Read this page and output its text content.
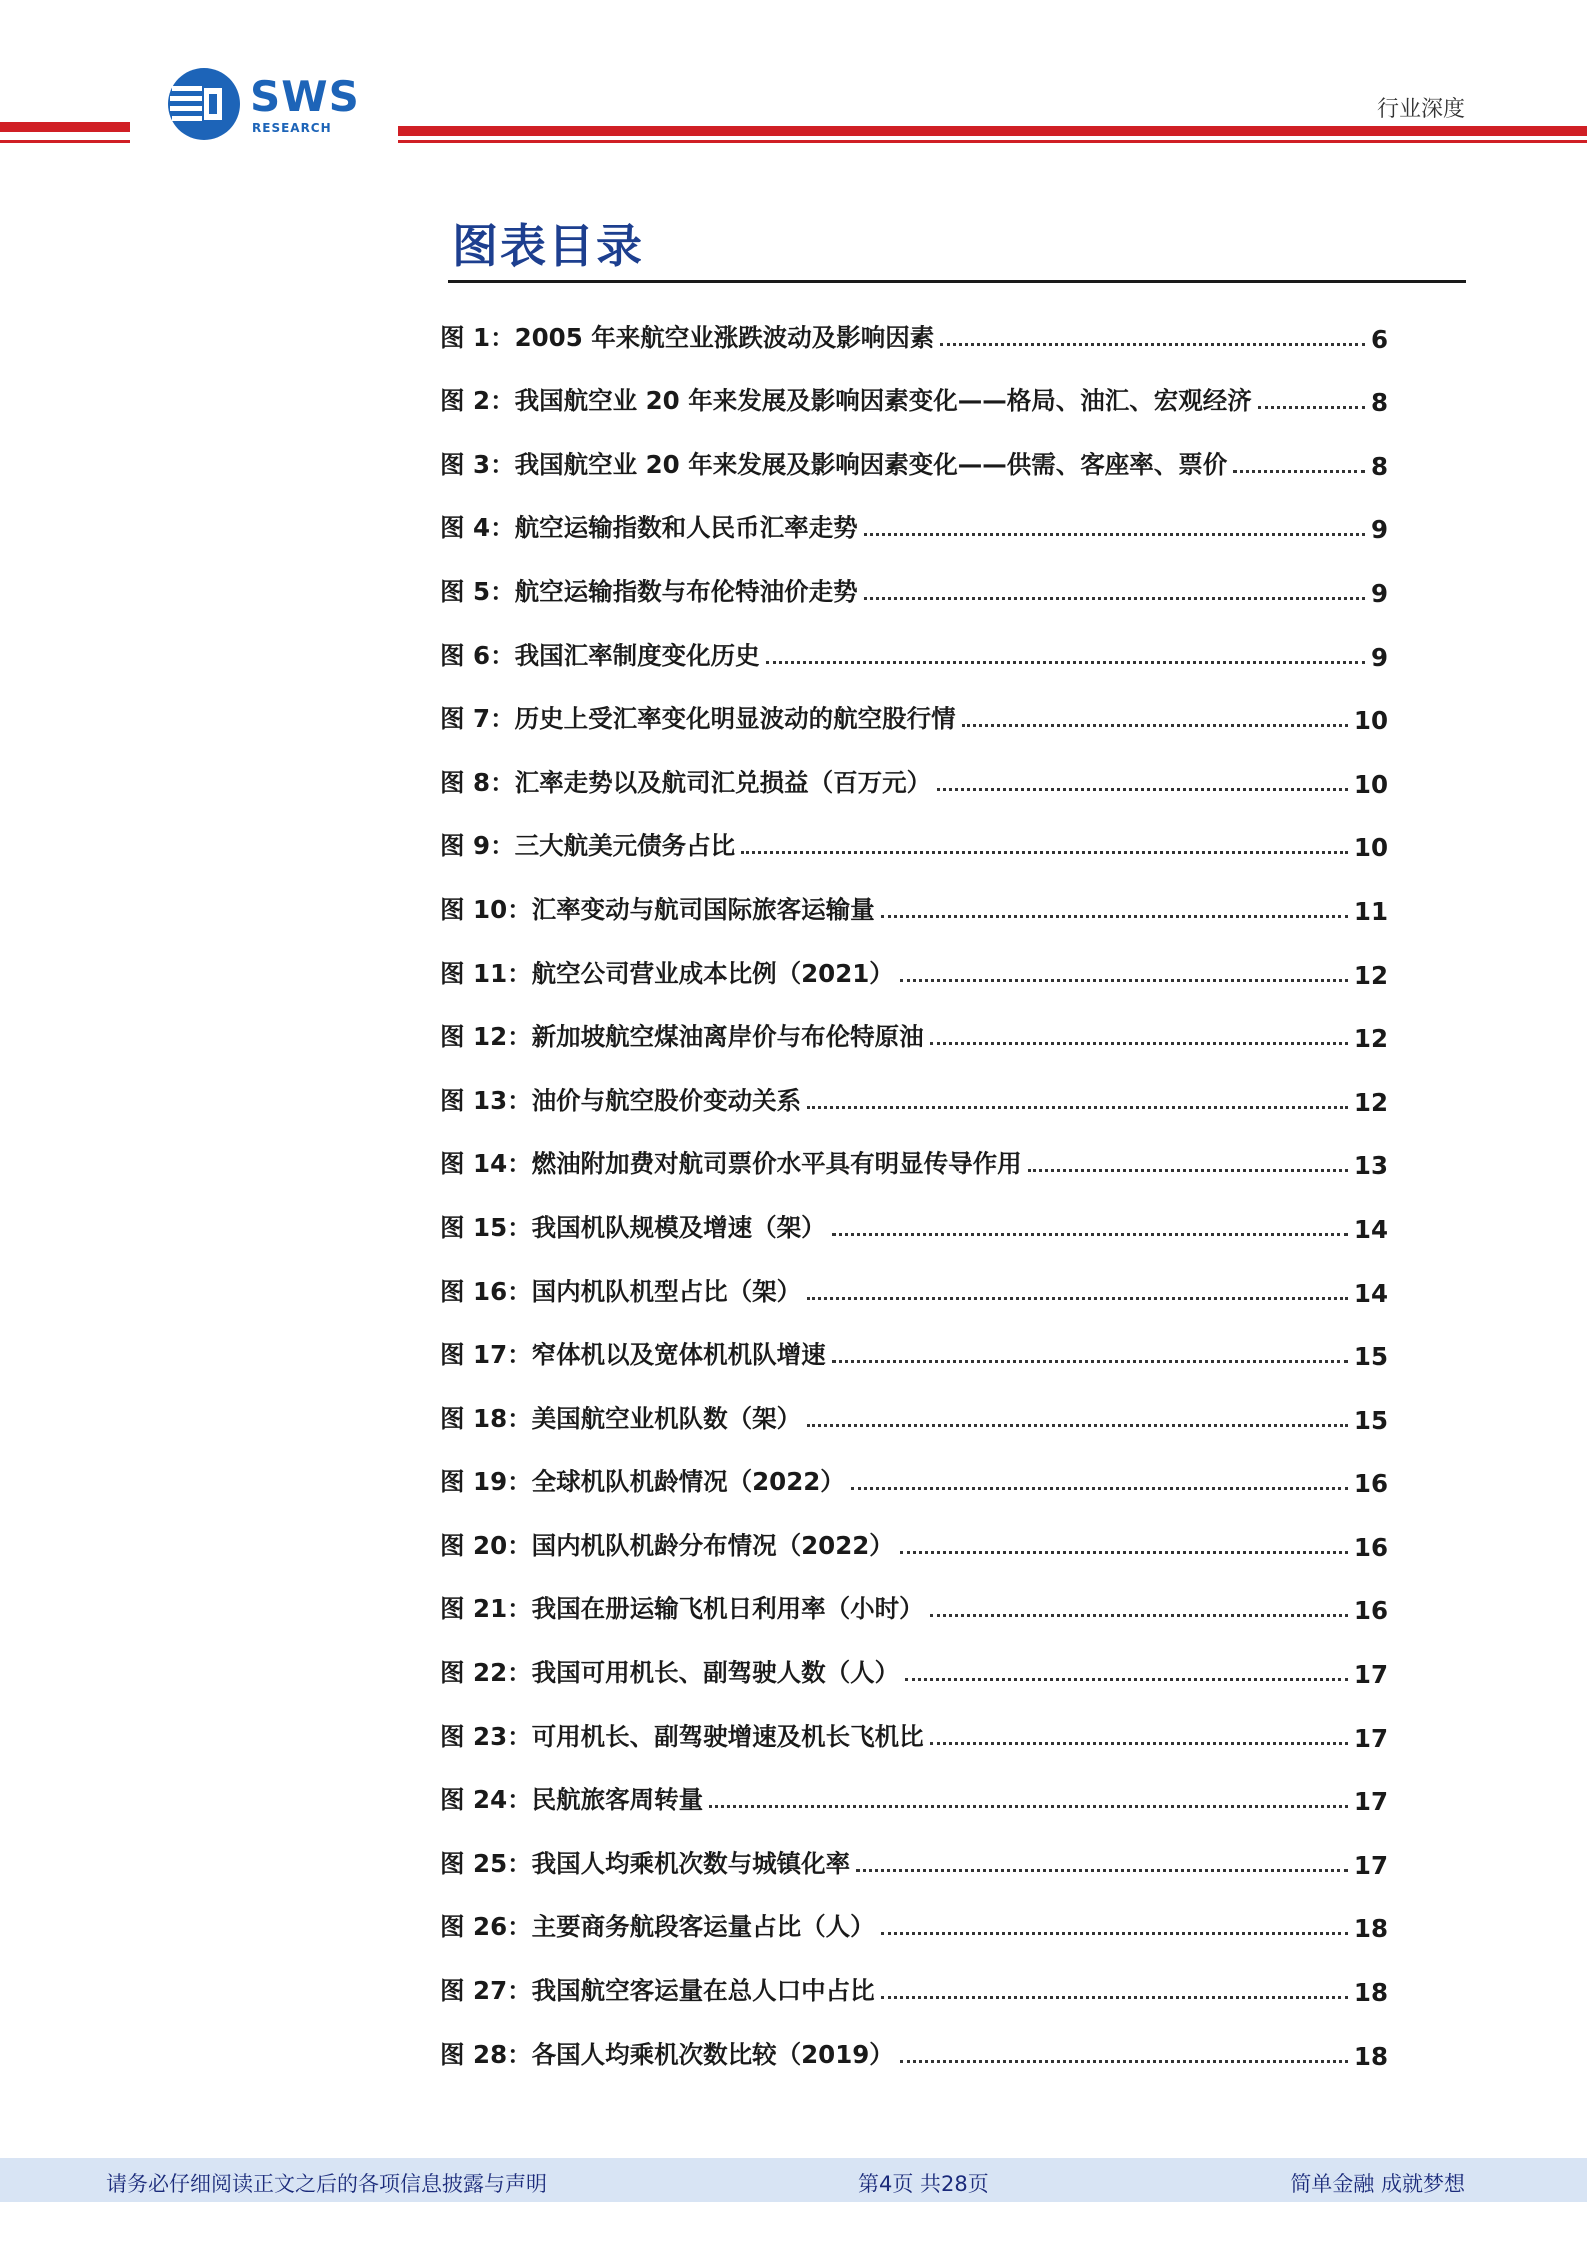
SWS
RESEARCH
行业深度
图表目录
图 1：2005 年来航空业涨跌波动及影响因素	6
图 2：我国航空业 20 年来发展及影响因素变化——格局、油汇、宏观经济	8
图 3：我国航空业 20 年来发展及影响因素变化——供需、客座率、票价	8
图 4：航空运输指数和人民币汇率走势	9
图 5：航空运输指数与布伦特油价走势	9
图 6：我国汇率制度变化历史	9
图 7：历史上受汇率变化明显波动的航空股行情	10
图 8：汇率走势以及航司汇兑损益（百万元）	10
图 9：三大航美元债务占比	10
图 10：汇率变动与航司国际旅客运输量	11
图 11：航空公司营业成本比例（2021）	12
图 12：新加坡航空煤油离岸价与布伦特原油	12
图 13：油价与航空股价变动关系	12
图 14：燃油附加费对航司票价水平具有明显传导作用	13
图 15：我国机队规模及增速（架）	14
图 16：国内机队机型占比（架）	14
图 17：窄体机以及宽体机机队增速	15
图 18：美国航空业机队数（架）	15
图 19：全球机队机龄情况（2022）	16
图 20：国内机队机龄分布情况（2022）	16
图 21：我国在册运输飞机日利用率（小时）	16
图 22：我国可用机长、副驾驶人数（人）	17
图 23：可用机长、副驾驶增速及机长飞机比	17
图 24：民航旅客周转量	17
图 25：我国人均乘机次数与城镇化率	17
图 26：主要商务航段客运量占比（人）	18
图 27：我国航空客运量在总人口中占比	18
图 28：各国人均乘机次数比较（2019）	18
请务必仔细阅读正文之后的各项信息披露与声明	第4页 共28页	简单金融 成就梦想
